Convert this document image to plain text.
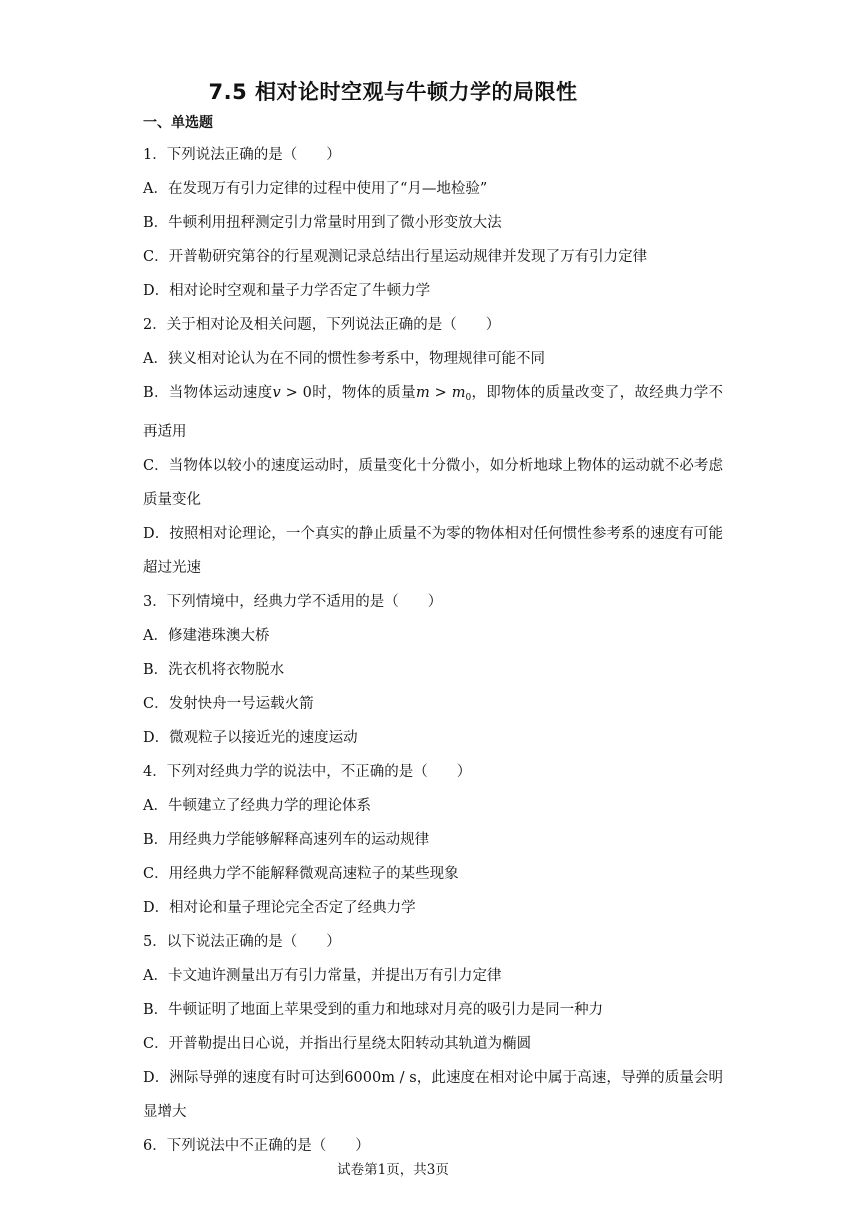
7.5 相对论时空观与牛顿力学的局限性
一、单选题
1．下列说法正确的是（　　）
A．在发现万有引力定律的过程中使用了“月—地检验”
B．牛顿利用扭秤测定引力常量时用到了微小形变放大法
C．开普勒研究第谷的行星观测记录总结出行星运动规律并发现了万有引力定律
D．相对论时空观和量子力学否定了牛顿力学
2．关于相对论及相关问题，下列说法正确的是（　　）
A．狭义相对论认为在不同的惯性参考系中，物理规律可能不同
B．当物体运动速度v > 0时，物体的质量$m > m_0$，即物体的质量改变了，故经典力学不再适用
C．当物体以较小的速度运动时，质量变化十分微小，如分析地球上物体的运动就不必考虑质量变化
D．按照相对论理论，一个真实的静止质量不为零的物体相对任何惯性参考系的速度有可能超过光速
3．下列情境中，经典力学不适用的是（　　）
A．修建港珠澳大桥
B．洗衣机将衣物脱水
C．发射快舟一号运载火箭
D．微观粒子以接近光的速度运动
4．下列对经典力学的说法中，不正确的是（　　）
A．牛顿建立了经典力学的理论体系
B．用经典力学能够解释高速列车的运动规律
C．用经典力学不能解释微观高速粒子的某些现象
D．相对论和量子理论完全否定了经典力学
5．以下说法正确的是（　　）
A．卡文迪许测量出万有引力常量，并提出万有引力定律
B．牛顿证明了地面上苹果受到的重力和地球对月亮的吸引力是同一种力
C．开普勒提出日心说，并指出行星绕太阳转动其轨道为椭圆
D．洲际导弹的速度有时可达到6000m / s，此速度在相对论中属于高速，导弹的质量会明显增大
6．下列说法中不正确的是（　　）
试卷第1页，共3页
